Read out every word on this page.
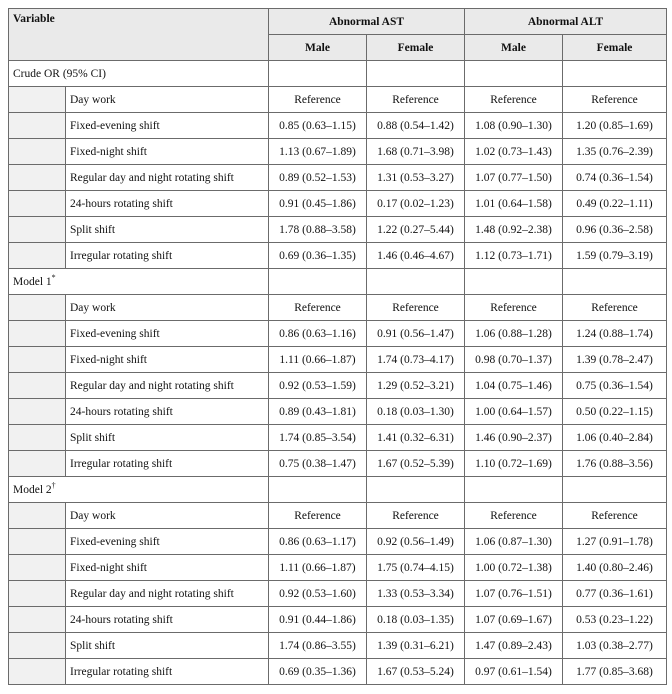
Variable		Abnormal AST		Abnormal ALT	
		Male	Female	Male	Female
Crude OR (95% CI)					
	Day work	Reference	Reference	Reference	Reference
	Fixed-evening shift	0.85 (0.63–1.15)	0.88 (0.54–1.42)	1.08 (0.90–1.30)	1.20 (0.85–1.69)
	Fixed-night shift	1.13 (0.67–1.89)	1.68 (0.71–3.98)	1.02 (0.73–1.43)	1.35 (0.76–2.39)
	Regular day and night rotating shift	0.89 (0.52–1.53)	1.31 (0.53–3.27)	1.07 (0.77–1.50)	0.74 (0.36–1.54)
	24-hours rotating shift	0.91 (0.45–1.86)	0.17 (0.02–1.23)	1.01 (0.64–1.58)	0.49 (0.22–1.11)
	Split shift	1.78 (0.88–3.58)	1.22 (0.27–5.44)	1.48 (0.92–2.38)	0.96 (0.36–2.58)
	Irregular rotating shift	0.69 (0.36–1.35)	1.46 (0.46–4.67)	1.12 (0.73–1.71)	1.59 (0.79–3.19)
Model 1*				
	Day work	Reference	Reference	Reference	Reference
	Fixed-evening shift	0.86 (0.63–1.16)	0.91 (0.56–1.47)	1.06 (0.88–1.28)	1.24 (0.88–1.74)
	Fixed-night shift	1.11 (0.66–1.87)	1.74 (0.73–4.17)	0.98 (0.70–1.37)	1.39 (0.78–2.47)
	Regular day and night rotating shift	0.92 (0.53–1.59)	1.29 (0.52–3.21)	1.04 (0.75–1.46)	0.75 (0.36–1.54)
	24-hours rotating shift	0.89 (0.43–1.81)	0.18 (0.03–1.30)	1.00 (0.64–1.57)	0.50 (0.22–1.15)
	Split shift	1.74 (0.85–3.54)	1.41 (0.32–6.31)	1.46 (0.90–2.37)	1.06 (0.40–2.84)
	Irregular rotating shift	0.75 (0.38–1.47)	1.67 (0.52–5.39)	1.10 (0.72–1.69)	1.76 (0.88–3.56)
Model 2†				
	Day work	Reference	Reference	Reference	Reference
	Fixed-evening shift	0.86 (0.63–1.17)	0.92 (0.56–1.49)	1.06 (0.87–1.30)	1.27 (0.91–1.78)
	Fixed-night shift	1.11 (0.66–1.87)	1.75 (0.74–4.15)	1.00 (0.72–1.38)	1.40 (0.80–2.46)
	Regular day and night rotating shift	0.92 (0.53–1.60)	1.33 (0.53–3.34)	1.07 (0.76–1.51)	0.77 (0.36–1.61)
	24-hours rotating shift	0.91 (0.44–1.86)	0.18 (0.03–1.35)	1.07 (0.69–1.67)	0.53 (0.23–1.22)
	Split shift	1.74 (0.86–3.55)	1.39 (0.31–6.21)	1.47 (0.89–2.43)	1.03 (0.38–2.77)
	Irregular rotating shift	0.69 (0.35–1.36)	1.67 (0.53–5.24)	0.97 (0.61–1.54)	1.77 (0.85–3.68)
